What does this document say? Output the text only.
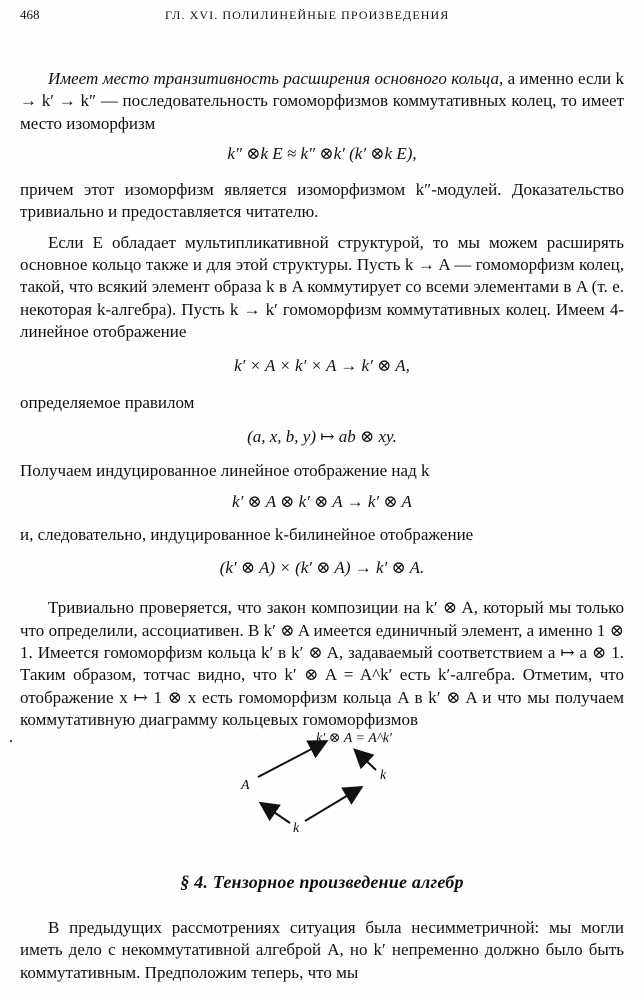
468	ГЛ. XVI. ПОЛИЛИНЕЙНЫЕ ПРОИЗВЕДЕНИЯ

Имеет место транзитивность расширения основного кольца, а именно если k → k′ → k″ — последовательность гомоморфизмов коммутативных колец, то имеет место изоморфизм

k″ ⊗k E ≈ k″ ⊗k′ (k′ ⊗k E),

причем этот изоморфизм является изоморфизмом k″-модулей. Доказательство тривиально и предоставляется читателю.

Если E обладает мультипликативной структурой, то мы можем расширять основное кольцо также и для этой структуры. Пусть k → A — гомоморфизм колец, такой, что всякий элемент образа k в A коммутирует со всеми элементами в A (т. е. некоторая k-алгебра). Пусть k → k′ гомоморфизм коммутативных колец. Имеем 4-линейное отображение

k′ × A × k′ × A → k′ ⊗ A,

определяемое правилом

(a, x, b, y) ↦ ab ⊗ xy.

Получаем индуцированное линейное отображение над k

k′ ⊗ A ⊗ k′ ⊗ A → k′ ⊗ A

и, следовательно, индуцированное k-билинейное отображение

(k′ ⊗ A) × (k′ ⊗ A) → k′ ⊗ A.

Тривиально проверяется, что закон композиции на k′ ⊗ A, который мы только что определили, ассоциативен. В k′ ⊗ A имеется единичный элемент, а именно 1 ⊗ 1. Имеется гомоморфизм кольца k′ в k′ ⊗ A, задаваемый соответствием a ↦ a ⊗ 1. Таким образом, тотчас видно, что k′ ⊗ A = A^k′ есть k′-алгебра. Отметим, что отображение x ↦ 1 ⊗ x есть гомоморфизм кольца A в k′ ⊗ A и что мы получаем коммутативную диаграмму кольцевых гомоморфизмов

k′ ⊗ A = A^k′
A
k
k
§ 4. Тензорное произведение алгебр

В предыдущих рассмотрениях ситуация была несимметричной: мы могли иметь дело с некоммутативной алгеброй A, но k′ непременно должно было быть коммутативным. Предположим теперь, что мы
